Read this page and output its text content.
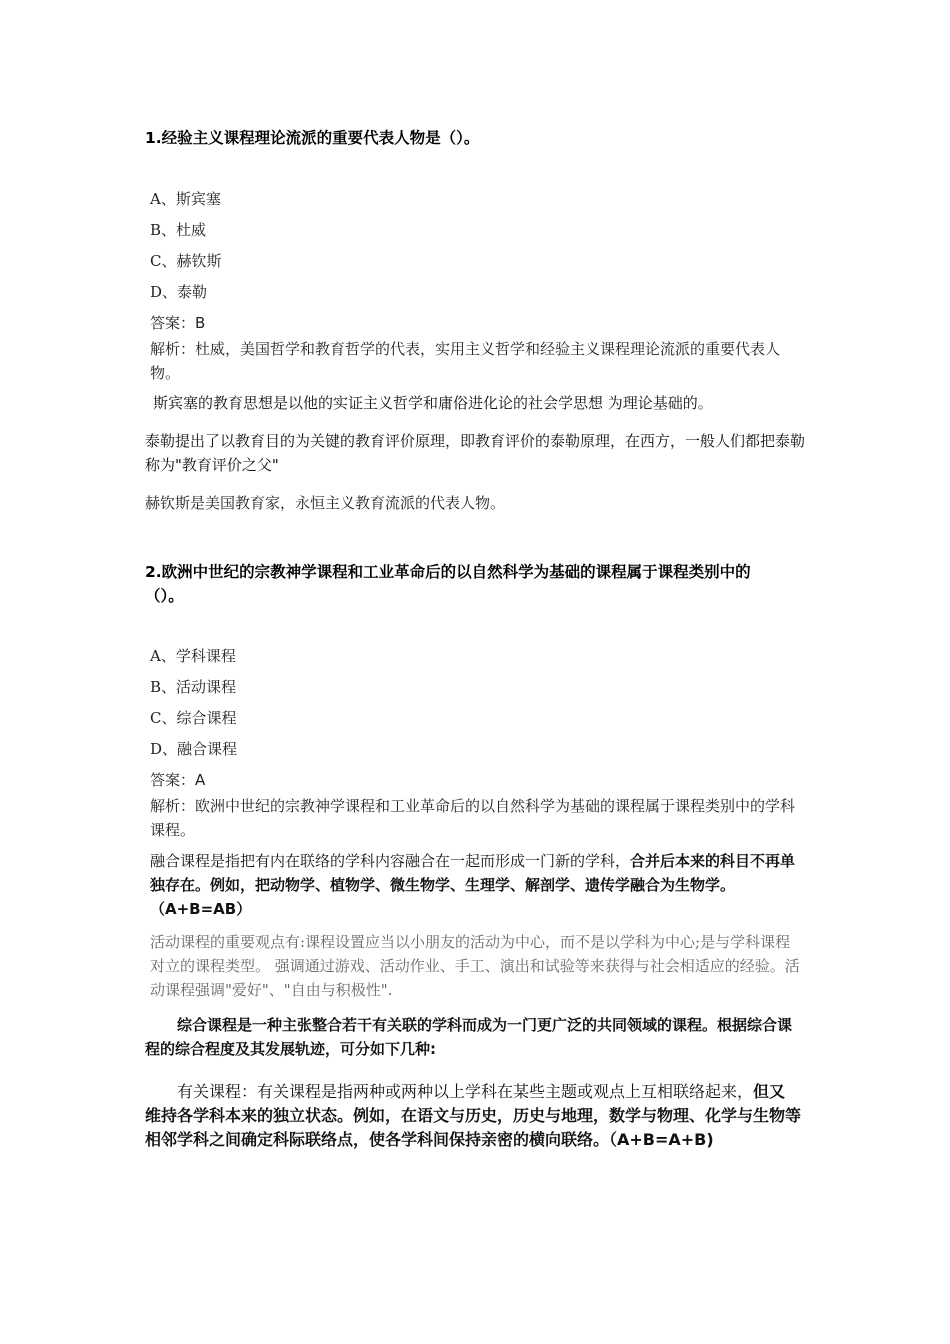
1.经验主义课程理论流派的重要代表人物是（）。
A、斯宾塞
B、杜威
C、赫钦斯
D、泰勒
答案：B
解析：杜威，美国哲学和教育哲学的代表，实用主义哲学和经验主义课程理论流派的重要代表人物。
斯宾塞的教育思想是以他的实证主义哲学和庸俗进化论的社会学思想 为理论基础的。
泰勒提出了以教育目的为关键的教育评价原理，即教育评价的泰勒原理，在西方，一般人们都把泰勒称为"教育评价之父"
赫钦斯是美国教育家，永恒主义教育流派的代表人物。
2.欧洲中世纪的宗教神学课程和工业革命后的以自然科学为基础的课程属于课程类别中的
（）。
A、学科课程
B、活动课程
C、综合课程
D、融合课程
答案：A
解析：欧洲中世纪的宗教神学课程和工业革命后的以自然科学为基础的课程属于课程类别中的学科课程。
融合课程是指把有内在联络的学科内容融合在一起而形成一门新的学科，合并后本来的科目不再单独存在。例如，把动物学、植物学、微生物学、生理学、解剖学、遗传学融合为生物学。（A+B=AB）
活动课程的重要观点有:课程设置应当以小朋友的活动为中心，而不是以学科为中心;是与学科课程对立的课程类型。 强调通过游戏、活动作业、手工、演出和试验等来获得与社会相适应的经验。活动课程强调"爱好"、"自由与积极性".
综合课程是一种主张整合若干有关联的学科而成为一门更广泛的共同领域的课程。根据综合课程的综合程度及其发展轨迹，可分如下几种:
有关课程：有关课程是指两种或两种以上学科在某些主题或观点上互相联络起来，但又维持各学科本来的独立状态。例如，在语文与历史，历史与地理，数学与物理、化学与生物等相邻学科之间确定科际联络点，使各学科间保持亲密的横向联络。（A+B=A+B)
